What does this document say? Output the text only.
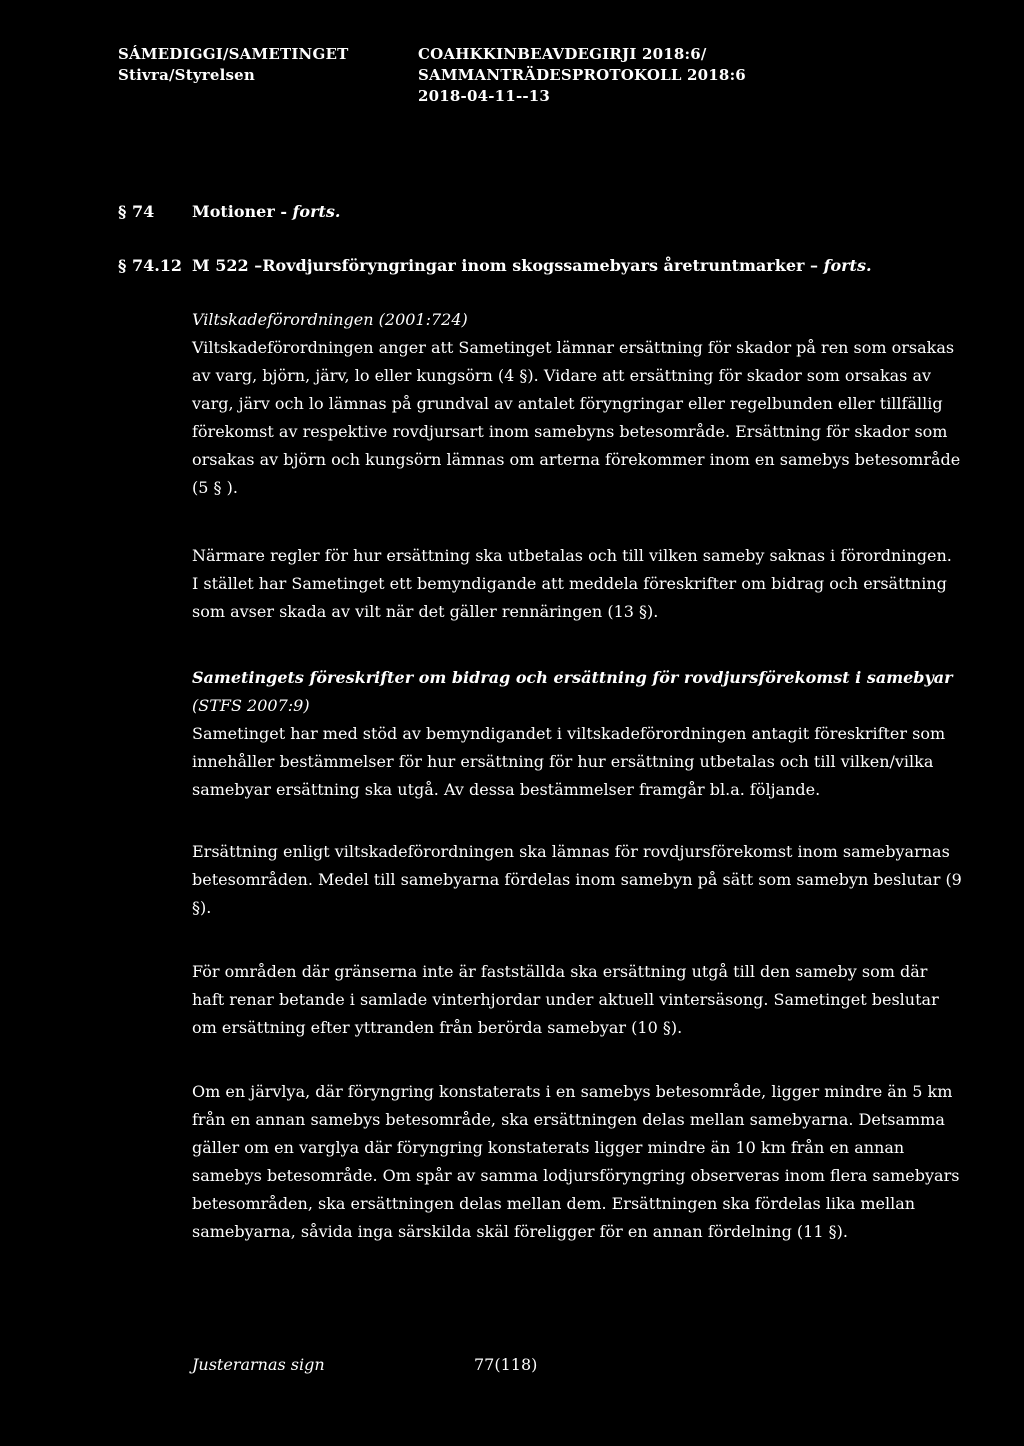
SÁMEDIGGI/SAMETINGET
Stivra/Styrelsen
COAHKKINBEAVDEGIRJI 2018:6/
SAMMANTRÄDESPROTOKOLL 2018:6
2018-04-11--13
§ 74 Motioner - forts.
§ 74.12 M 522 –Rovdjursföryngringar inom skogssamebyars åretruntmarker – forts.
Viltskadeförordningen (2001:724)

Viltskadeförordningen anger att Sametinget lämnar ersättning för skador på ren som orsakas av varg, björn, järv, lo eller kungsörn (4 §). Vidare att ersättning för skador som orsakas av varg, järv och lo lämnas på grundval av antalet föryngringar eller regelbunden eller tillfällig förekomst av respektive rovdjursart inom samebyns betesområde. Ersättning för skador som orsakas av björn och kungsörn lämnas om arterna förekommer inom en samebys betesområde (5 § ).

Närmare regler för hur ersättning ska utbetalas och till vilken sameby saknas i förordningen. I stället har Sametinget ett bemyndigande att meddela föreskrifter om bidrag och ersättning som avser skada av vilt när det gäller rennäringen (13 §).

Sametingets föreskrifter om bidrag och ersättning för rovdjursförekomst i samebyar
(STFS 2007:9)

Sametinget har med stöd av bemyndigandet i viltskadeförordningen antagit föreskrifter som innehåller bestämmelser för hur ersättning för hur ersättning utbetalas och till vilken/vilka samebyar ersättning ska utgå. Av dessa bestämmelser framgår bl.a. följande.

Ersättning enligt viltskadeförordningen ska lämnas för rovdjursförekomst inom samebyarnas betesområden. Medel till samebyarna fördelas inom samebyn på sätt som samebyn beslutar (9 §).

För områden där gränserna inte är fastställda ska ersättning utgå till den sameby som där haft renar betande i samlade vinterhjordar under aktuell vintersäsong. Sametinget beslutar om ersättning efter yttranden från berörda samebyar (10 §).

Om en järvlya, där föryngring konstaterats i en samebys betesområde, ligger mindre än 5 km från en annan samebys betesområde, ska ersättningen delas mellan samebyarna. Detsamma gäller om en varglya där föryngring konstaterats ligger mindre än 10 km från en annan samebys betesområde. Om spår av samma lodjursföryngring observeras inom flera samebyars betesområden, ska ersättningen delas mellan dem. Ersättningen ska fördelas lika mellan samebyarna, såvida inga särskilda skäl föreligger för en annan fördelning (11 §).

Justerarnas sign	77(118)
